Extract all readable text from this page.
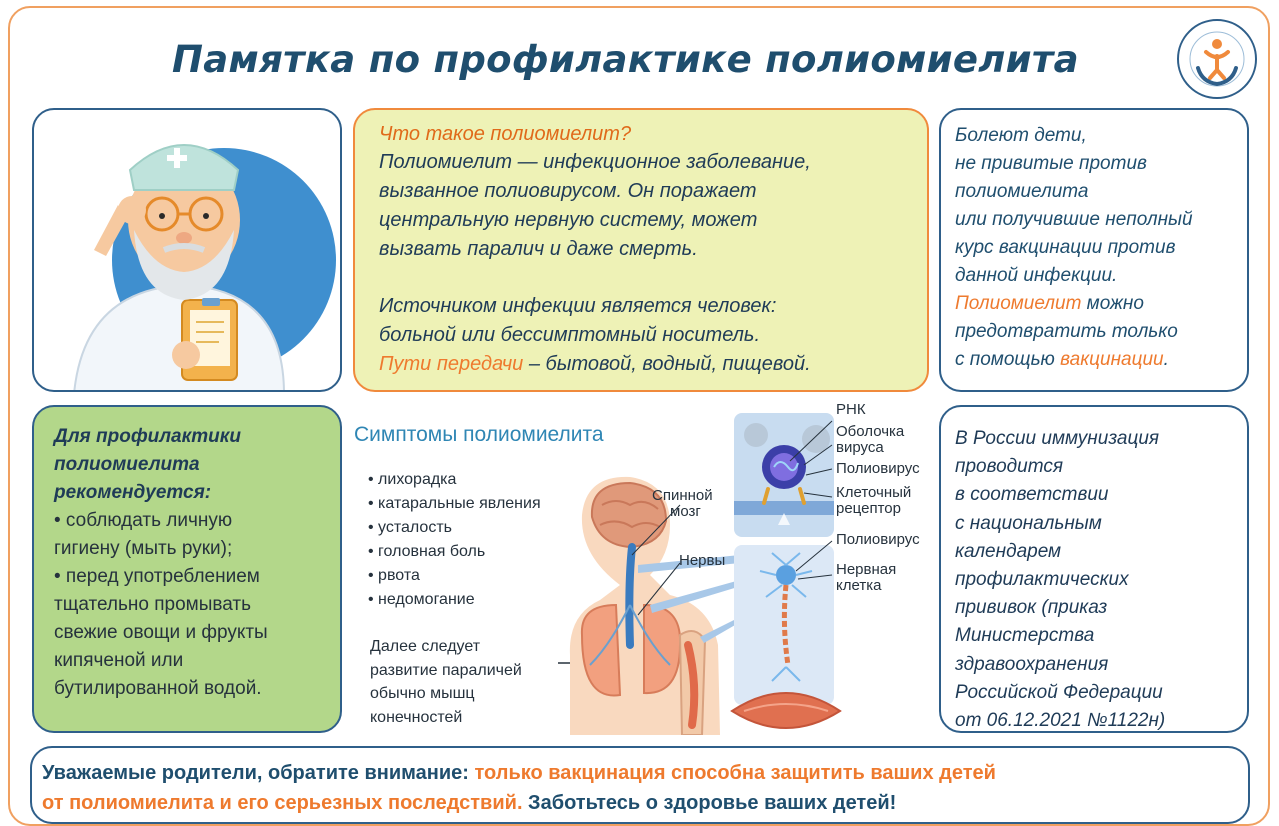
Памятка по профилактике полиомиелита
Что такое полиомиелит?
Полиомиелит — инфекционное заболевание,
вызванное полиовирусом. Он поражает
центральную нервную систему, может
вызвать паралич и даже смерть.
Источником инфекции является человек:
больной или бессимптомный носитель.
Пути передачи – бытовой, водный, пищевой.
Болеют дети,
не привитые против
полиомиелита
или получившие неполный
курс вакцинации против
данной инфекции.
Полиомиелит можно
предотвратить только
с помощью вакцинации.
Для профилактики
полиомиелита
рекомендуется:
• соблюдать личную
гигиену (мыть руки);
• перед употреблением
тщательно промывать
свежие овощи и фрукты
кипяченой или
бутилированной водой.
Симптомы полиомиелита
• лихорадка
• катаральные явления
• усталость
• головная боль
• рвота
• недомогание
Далее следует
развитие параличей
обычно мышц
конечностей
Спинной
мозг
Нервы
РНК
Оболочка
вируса
Полиовирус
Клеточный
рецептор
Полиовирус
Нервная
клетка
В России иммунизация
проводится
в соответствии
с национальным
календарем
профилактических
прививок (приказ
Министерства
здравоохранения
Российской Федерации
от 06.12.2021 №1122н)
Уважаемые родители, обратите внимание: только вакцинация способна защитить ваших детей
от полиомиелита и его серьезных последствий. Заботьтесь о здоровье ваших детей!
